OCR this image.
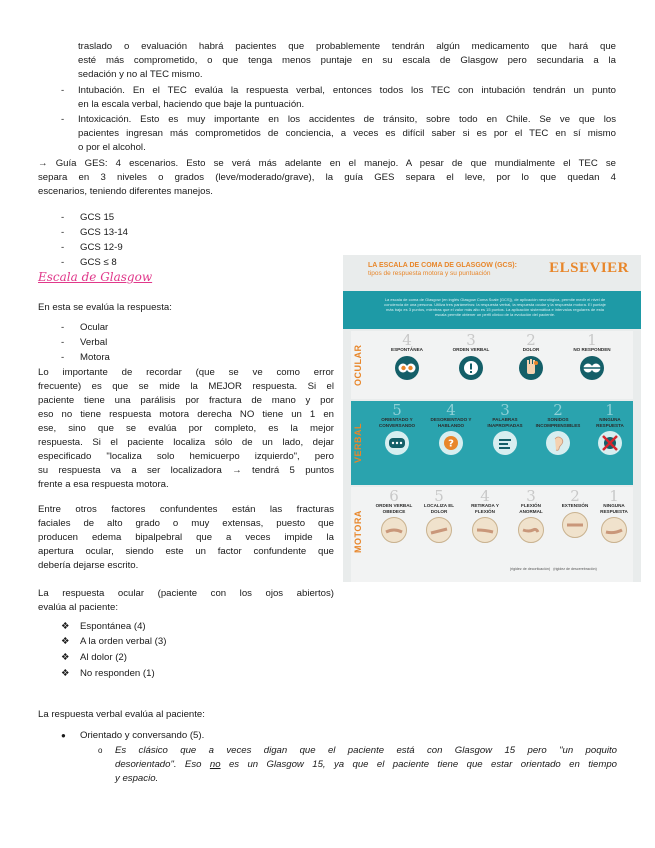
traslado o evaluación habrá pacientes que probablemente tendrán algún medicamento que hará que
esté más comprometido, o que tenga menos puntaje en su escala de Glasgow pero secundaria a la
sedación y no al TEC mismo.
- Intubación. En el TEC evalúa la respuesta verbal, entonces todos los TEC con intubación tendrán un punto
en la escala verbal, haciendo que baje la puntuación.
- Intoxicación. Esto es muy importante en los accidentes de tránsito, sobre todo en Chile. Se ve que los
pacientes ingresan más comprometidos de conciencia, a veces es difícil saber si es por el TEC en sí mismo
o por el alcohol.
→ Guía GES: 4 escenarios. Esto se verá más adelante en el manejo. A pesar de que mundialmente el TEC se
separa en 3 niveles o grados (leve/moderado/grave), la guía GES separa el leve, por lo que quedan 4
escenarios, teniendo diferentes manejos.
- GCS 15
- GCS 13-14
- GCS 12-9
- GCS ≤ 8
Escala de Glasgow
En esta se evalúa la respuesta:
- Ocular
- Verbal
- Motora
Lo importante de recordar (que se ve como error
frecuente) es que se mide la MEJOR respuesta. Si el
paciente tiene una parálisis por fractura de mano y por
eso no tiene respuesta motora derecha NO tiene un 1 en
ese, sino que se evalúa por completo, es la mejor
respuesta. Si el paciente localiza sólo de un lado, dejar
especificado "localiza solo hemicuerpo izquierdo", pero
su respuesta va a ser localizadora → tendrá 5 puntos
frente a esa respuesta motora.
Entre otros factores confundentes están las fracturas
faciales de alto grado o muy extensas, puesto que
producen edema bipalpebral que a veces impide la
apertura ocular, siendo este un factor confundente que
debería dejarse escrito.
La respuesta ocular (paciente con los ojos abiertos)
evalúa al paciente:
❖ Espontánea (4)
❖ A la orden verbal (3)
❖ Al dolor (2)
❖ No responden (1)
La respuesta verbal evalúa al paciente:
● Orientado y conversando (5).
o Es clásico que a veces digan que el paciente está con Glasgow 15 pero "un poquito
desorientado". Eso no es un Glasgow 15, ya que el paciente tiene que estar orientado en tiempo
y espacio.
LA ESCALA DE COMA DE GLASGOW (GCS):
tipos de respuesta motora y su puntuación	ELSEVIER
La escala de coma de Glasgow (en inglés Glasgow Coma Scale [GCS]), de aplicación neurológica, permite medir el nivel de conciencia de una persona. Utiliza tres parámetros: la respuesta verbal, la respuesta ocular y la respuesta motora. El puntaje más bajo es 3 puntos, mientras que el valor más alto es 15 puntos. La aplicación sistemática e intervalos regulares de esta escala permite obtener un perfil clínico de la evolución del paciente.
OCULAR
4
ESPONTÁNEA
3
ORDEN VERBAL
2
DOLOR
1
NO RESPONDEN
VERBAL
5
ORIENTADO Y CONVERSANDO
4
DESORIENTADO Y HABLANDO
?
3
PALABRAS INAPROPIADAS
2
SONIDOS INCOMPRENSIBLES
1
NINGUNA RESPUESTA
MOTORA
6
ORDEN VERBAL OBEDECE
5
LOCALIZA EL DOLOR
4
RETIRADA Y FLEXIÓN
3
FLEXIÓN ANORMAL
2
EXTENSIÓN
1
NINGUNA RESPUESTA
(rigidez de decorticación) (rigidez de descerebración)
